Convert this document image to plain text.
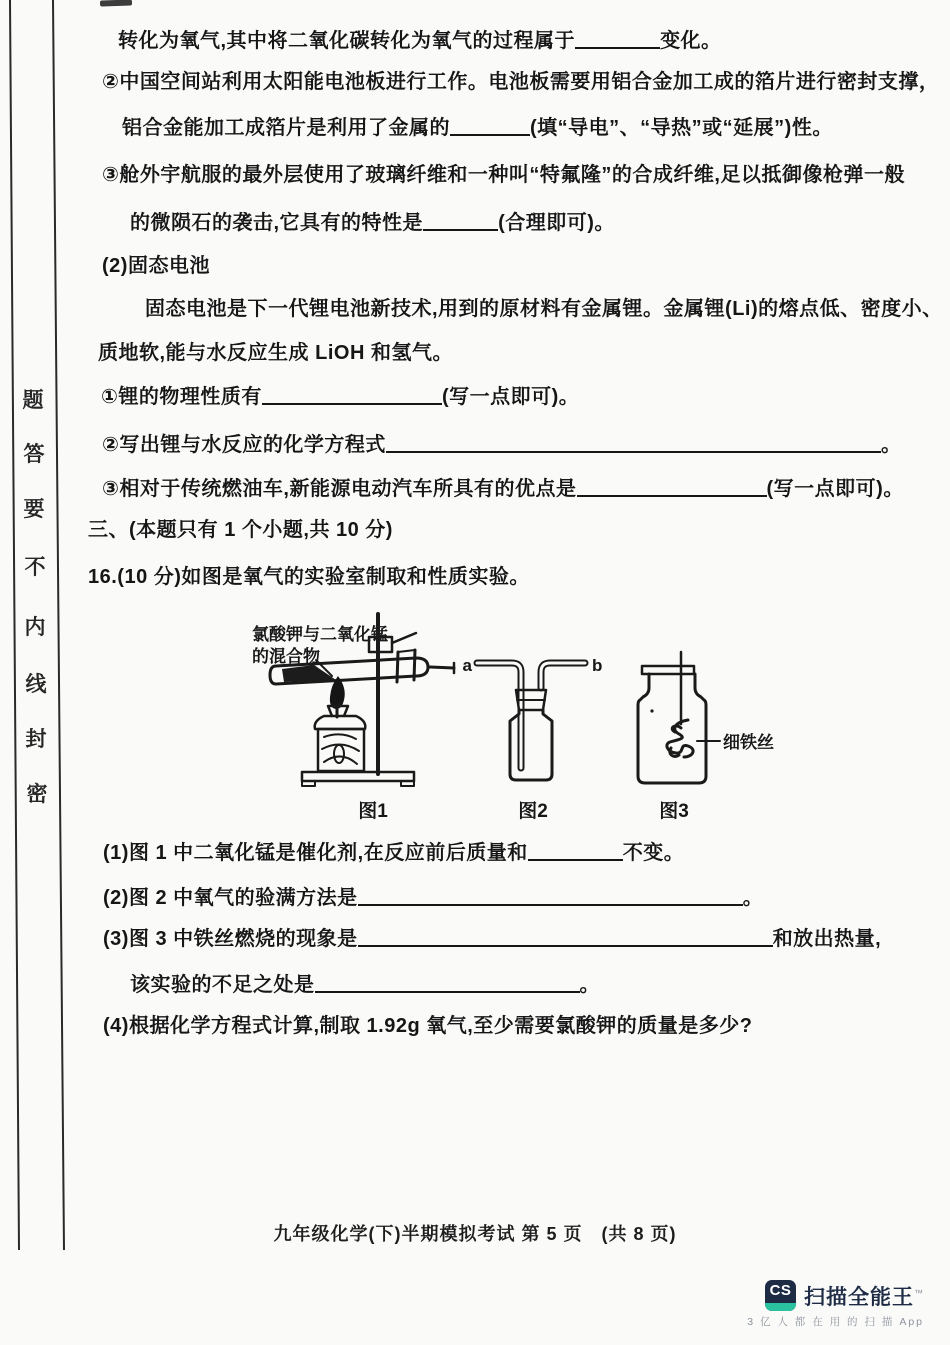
题
答
要
不
内
线
封
密
转化为氧气,其中将二氧化碳转化为氧气的过程属于	变化。
②中国空间站利用太阳能电池板进行工作。电池板需要用铝合金加工成的箔片进行密封支撑，
铝合金能加工成箔片是利用了金属的	(填“导电”、“导热”或“延展”)性。
③舱外宇航服的最外层使用了玻璃纤维和一种叫“特氟隆”的合成纤维,足以抵御像枪弹一般
的微陨石的袭击,它具有的特性是	(合理即可)。
(2)固态电池
固态电池是下一代锂电池新技术,用到的原材料有金属锂。金属锂(Li)的熔点低、密度小、
质地软,能与水反应生成 LiOH 和氢气。
①锂的物理性质有	(写一点即可)。
②写出锂与水反应的化学方程式	。
③相对于传统燃油车,新能源电动汽车所具有的优点是	(写一点即可)。
三、(本题只有 1 个小题,共 10 分)
16.(10 分)如图是氧气的实验室制取和性质实验。
氯酸钾与二氧化锰
的混合物
图1
a	b
图2
细铁丝
图3
(1)图 1 中二氧化锰是催化剂,在反应前后质量和	不变。
(2)图 2 中氧气的验满方法是	。
(3)图 3 中铁丝燃烧的现象是	和放出热量,
该实验的不足之处是	。
(4)根据化学方程式计算,制取 1.92g 氧气,至少需要氯酸钾的质量是多少?
九年级化学(下)半期模拟考试 第 5 页　(共 8 页)
CS 扫描全能王™
3 亿 人 都 在 用 的 扫 描 App
